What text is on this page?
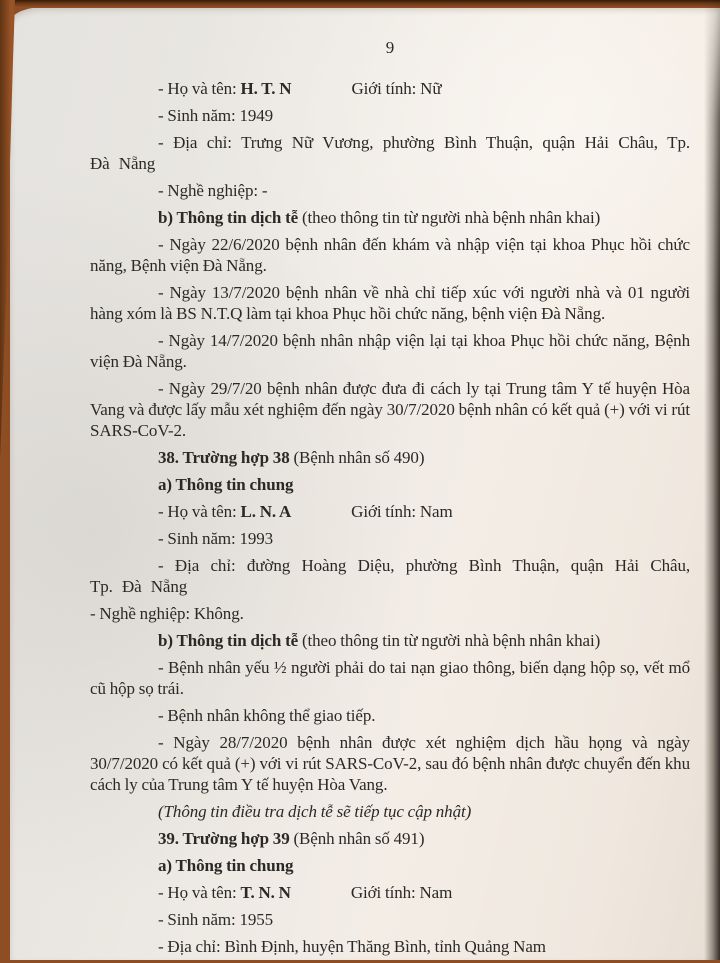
9

- Họ và tên: H. T. N	Giới tính: Nữ

- Sinh năm: 1949

- Địa chỉ: Trưng Nữ Vương, phường Bình Thuận, quận Hải Châu, Tp. Đà Nẵng

- Nghề nghiệp: -

b) Thông tin dịch tễ (theo thông tin từ người nhà bệnh nhân khai)

- Ngày 22/6/2020 bệnh nhân đến khám và nhập viện tại khoa Phục hồi chức năng, Bệnh viện Đà Nẵng.

- Ngày 13/7/2020 bệnh nhân về nhà chỉ tiếp xúc với người nhà và 01 người hàng xóm là BS N.T.Q làm tại khoa Phục hồi chức năng, bệnh viện Đà Nẵng.

- Ngày 14/7/2020 bệnh nhân nhập viện lại tại khoa Phục hồi chức năng, Bệnh viện Đà Nẵng.

- Ngày 29/7/20 bệnh nhân được đưa đi cách ly tại Trung tâm Y tế huyện Hòa Vang và được lấy mẫu xét nghiệm đến ngày 30/7/2020 bệnh nhân có kết quả (+) với vi rút SARS-CoV-2.

38. Trường hợp 38 (Bệnh nhân số 490)

a) Thông tin chung

- Họ và tên: L. N. A	Giới tính: Nam

- Sinh năm: 1993

- Địa chỉ: đường Hoàng Diệu, phường Bình Thuận, quận Hải Châu, Tp. Đà Nẵng

- Nghề nghiệp: Không.

b) Thông tin dịch tễ (theo thông tin từ người nhà bệnh nhân khai)

- Bệnh nhân yếu ½ người phải do tai nạn giao thông, biến dạng hộp sọ, vết mổ cũ hộp sọ trái.

- Bệnh nhân không thể giao tiếp.

- Ngày 28/7/2020 bệnh nhân được xét nghiệm dịch hầu họng và ngày 30/7/2020 có kết quả (+) với vi rút SARS-CoV-2, sau đó bệnh nhân được chuyển đến khu cách ly của Trung tâm Y tế huyện Hòa Vang.

(Thông tin điều tra dịch tễ sẽ tiếp tục cập nhật)

39. Trường hợp 39 (Bệnh nhân số 491)

a) Thông tin chung

- Họ và tên: T. N. N	Giới tính: Nam

- Sinh năm: 1955

- Địa chỉ: Bình Định, huyện Thăng Bình, tỉnh Quảng Nam
